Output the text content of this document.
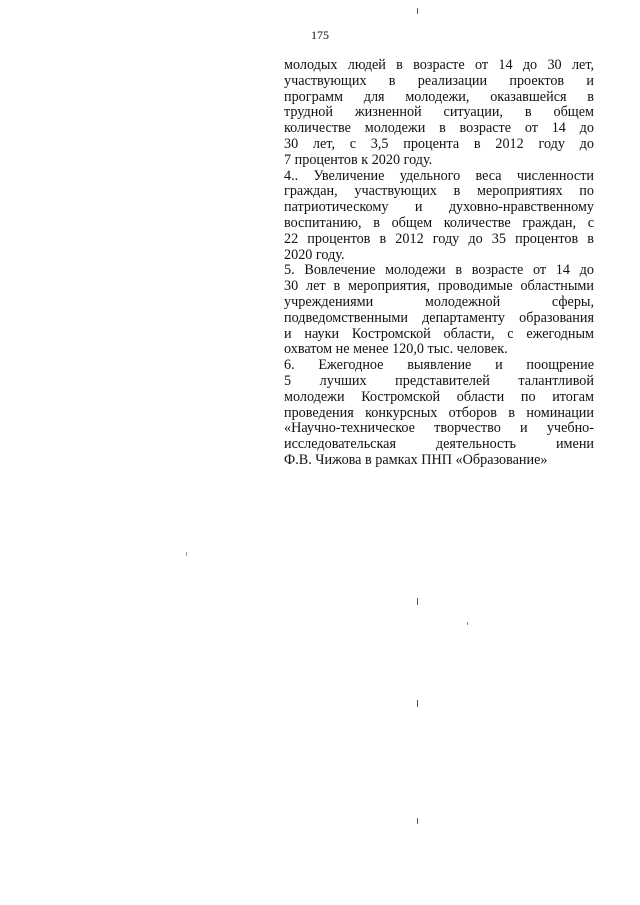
175

молодых людей в возрасте от 14 до 30 лет,
участвующих в реализации проектов и
программ для молодежи, оказавшейся в
трудной жизненной ситуации, в общем
количестве молодежи в возрасте от 14 до
30 лет, с 3,5 процента в 2012 году до
7 процентов к 2020 году.

4.. Увеличение удельного веса численности
граждан, участвующих в мероприятиях по
патриотическому и духовно-нравственному
воспитанию, в общем количестве граждан, с
22 процентов в 2012 году до 35 процентов в
2020 году.

5. Вовлечение молодежи в возрасте от 14 до
30 лет в мероприятия, проводимые областными
учреждениями молодежной сферы,
подведомственными департаменту образования
и науки Костромской области, с ежегодным
охватом не менее 120,0 тыс. человек.

6. Ежегодное выявление и поощрение
5 лучших представителей талантливой
молодежи Костромской области по итогам
проведения конкурсных отборов в номинации
«Научно-техническое творчество и учебно-
исследовательская деятельность имени
Ф.В. Чижова в рамках ПНП «Образование»
